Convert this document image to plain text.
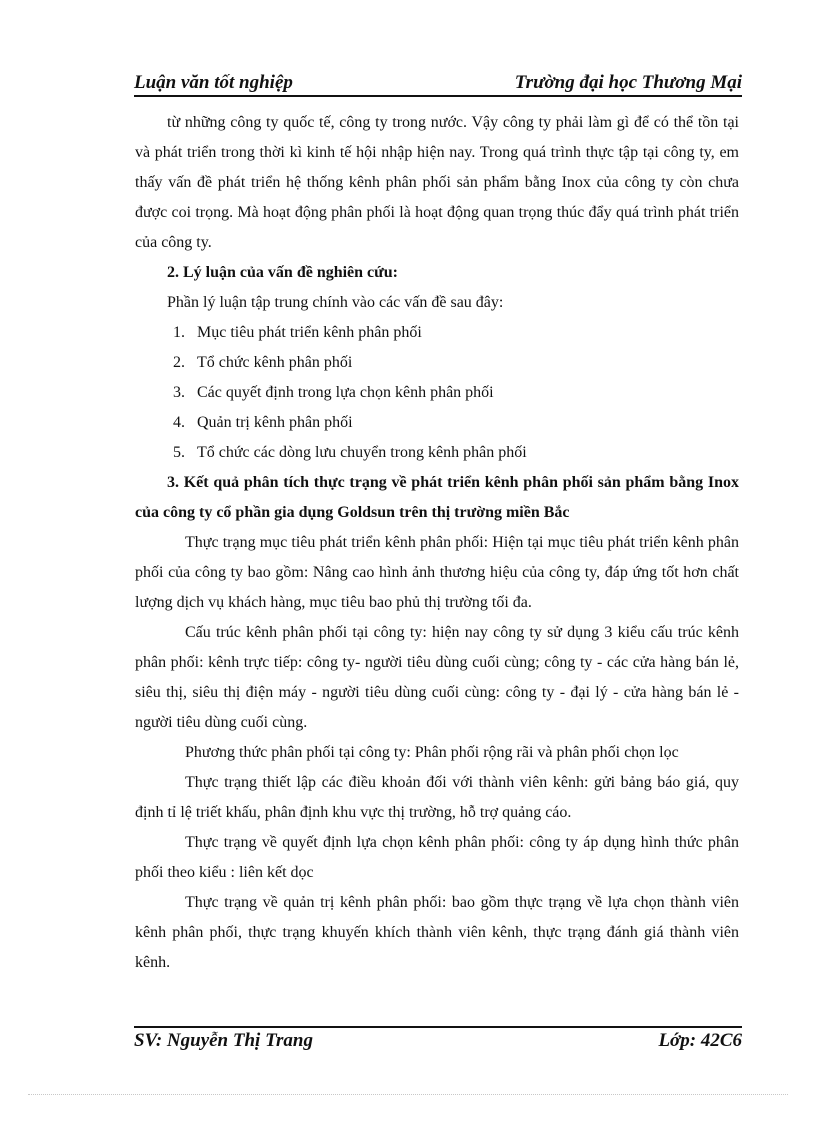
Luận văn tốt nghiệp	Trường đại học Thương Mại

từ những công ty quốc tế, công ty trong nước. Vậy công ty phải làm gì để có thể tồn tại và phát triển trong thời kì kinh tế hội nhập hiện nay. Trong quá trình thực tập tại công ty, em thấy vấn đề phát triển hệ thống kênh phân phối sản phẩm bằng Inox của công ty còn chưa được coi trọng. Mà hoạt động phân phối là hoạt động quan trọng thúc đẩy quá trình phát triển của công ty.

2. Lý luận của vấn đề nghiên cứu:

Phần lý luận tập trung chính vào các vấn đề sau đây:

1. Mục tiêu phát triển kênh phân phối
2. Tổ chức kênh phân phối
3. Các quyết định trong lựa chọn kênh phân phối
4. Quản trị kênh phân phối
5. Tổ chức các dòng lưu chuyển trong kênh phân phối

3. Kết quả phân tích thực trạng về phát triển kênh phân phối sản phẩm bằng Inox của công ty cổ phần gia dụng Goldsun trên thị trường miền Bắc

Thực trạng mục tiêu phát triển kênh phân phối: Hiện tại mục tiêu phát triển kênh phân phối của công ty bao gồm: Nâng cao hình ảnh thương hiệu của công ty, đáp ứng tốt hơn chất lượng dịch vụ khách hàng, mục tiêu bao phủ thị trường tối đa.

Cấu trúc kênh phân phối tại công ty: hiện nay công ty sử dụng 3 kiểu cấu trúc kênh phân phối: kênh trực tiếp: công ty- người tiêu dùng cuối cùng; công ty - các cửa hàng bán lẻ, siêu thị, siêu thị điện máy - người tiêu dùng cuối cùng: công ty - đại lý - cửa hàng bán lẻ - người tiêu dùng cuối cùng.

Phương thức phân phối tại công ty: Phân phối rộng rãi và phân phối chọn lọc

Thực trạng thiết lập các điều khoản đối với thành viên kênh: gửi bảng báo giá, quy định tỉ lệ triết khấu, phân định khu vực thị trường, hỗ trợ quảng cáo.

Thực trạng về quyết định lựa chọn kênh phân phối: công ty áp dụng hình thức phân phối theo kiểu : liên kết dọc

Thực trạng về quản trị kênh phân phối: bao gồm thực trạng về lựa chọn thành viên kênh phân phối, thực trạng khuyến khích thành viên kênh, thực trạng đánh giá thành viên kênh.

SV: Nguyễn Thị Trang	Lớp: 42C6
